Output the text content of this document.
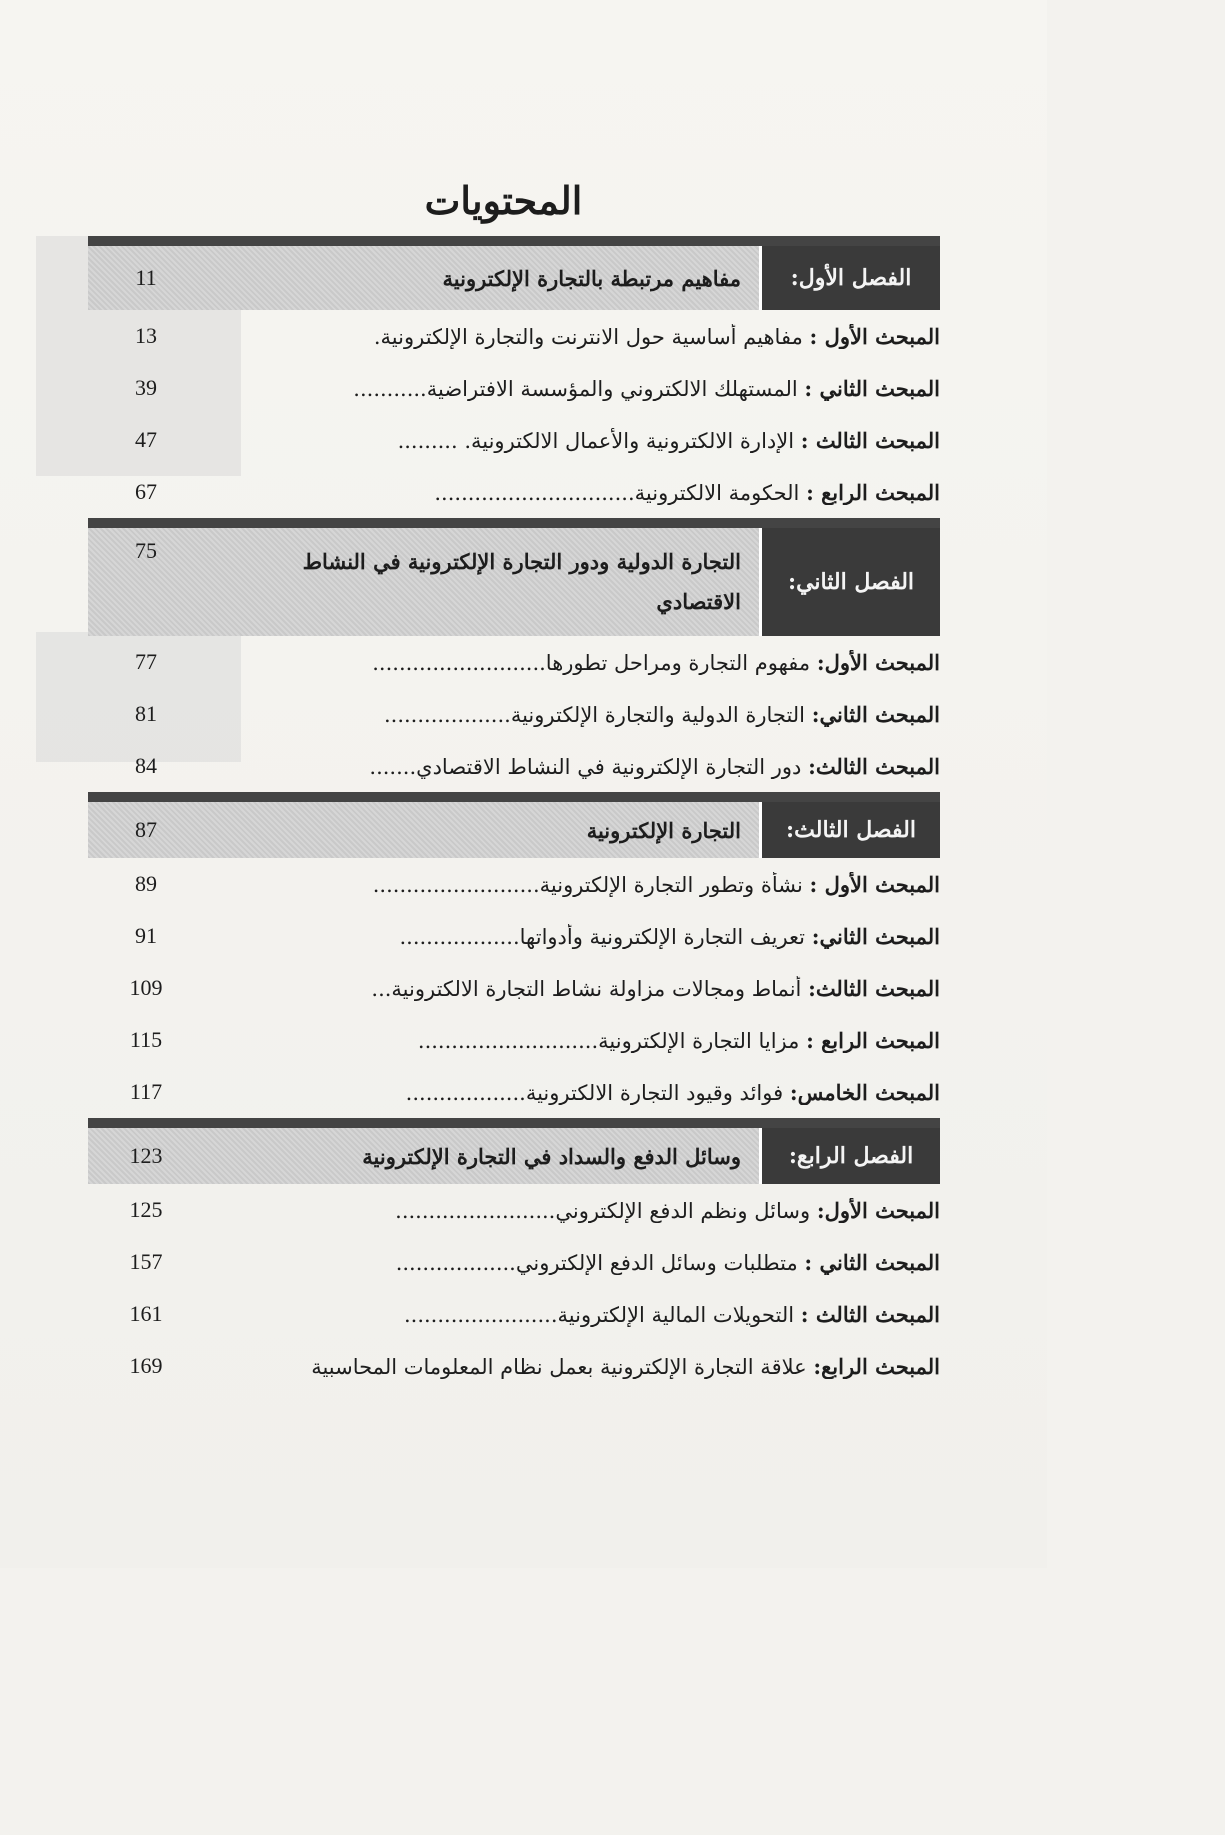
المحتويات
الفصل الأول:
مفاهيم مرتبطة بالتجارة الإلكترونية
11
المبحث الأول : مفاهيم أساسية حول الانترنت والتجارة الإلكترونية.
13
المبحث الثاني : المستهلك الالكتروني والمؤسسة الافتراضية...........
39
المبحث الثالث : الإدارة الالكترونية والأعمال الالكترونية. .........
47
المبحث الرابع : الحكومة الالكترونية..............................
67
الفصل الثاني:
التجارة الدولية ودور التجارة الإلكترونية في النشاط الاقتصادي
75
المبحث الأول: مفهوم التجارة ومراحل تطورها..........................
77
المبحث الثاني: التجارة الدولية والتجارة الإلكترونية...................
81
المبحث الثالث: دور التجارة الإلكترونية في النشاط الاقتصادي.......
84
الفصل الثالث:
التجارة الإلكترونية
87
المبحث الأول : نشأة وتطور التجارة الإلكترونية.........................
89
المبحث الثاني: تعريف التجارة الإلكترونية وأدواتها..................
91
المبحث الثالث: أنماط ومجالات مزاولة نشاط التجارة الالكترونية...
109
المبحث الرابع : مزايا التجارة الإلكترونية...........................
115
المبحث الخامس: فوائد وقيود التجارة الالكترونية..................
117
الفصل الرابع:
وسائل الدفع والسداد في التجارة الإلكترونية
123
المبحث الأول: وسائل ونظم الدفع الإلكتروني........................
125
المبحث الثاني : متطلبات وسائل الدفع الإلكتروني..................
157
المبحث الثالث : التحويلات المالية الإلكترونية.......................
161
المبحث الرابع: علاقة التجارة الإلكترونية بعمل نظام المعلومات المحاسبية
169
